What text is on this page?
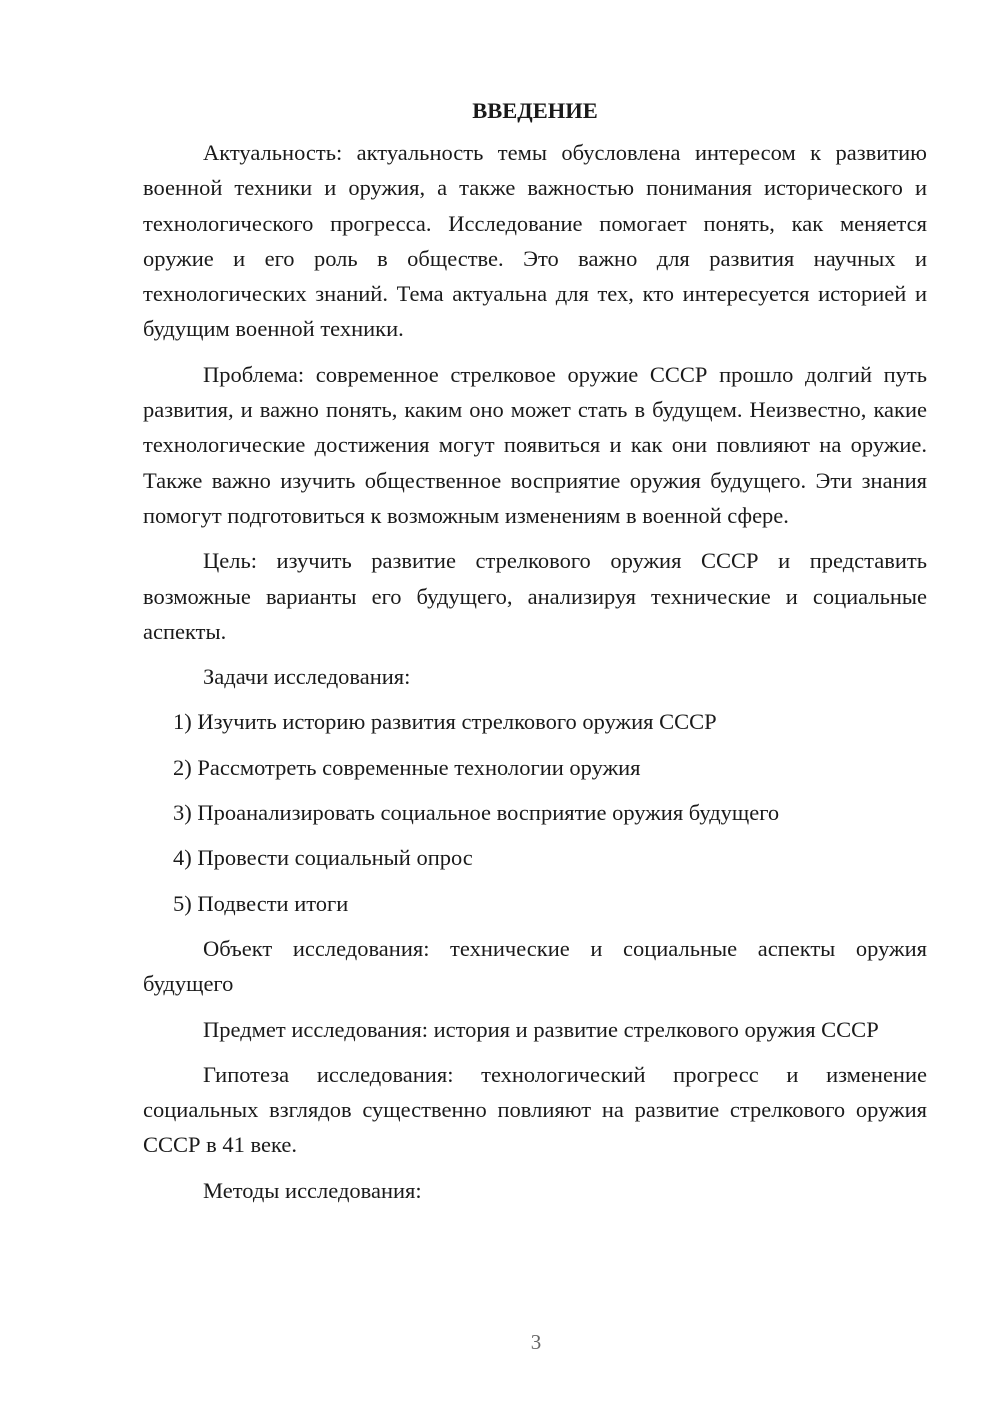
ВВЕДЕНИЕ

Актуальность: актуальность темы обусловлена интересом к развитию военной техники и оружия, а также важностью понимания исторического и технологического прогресса. Исследование помогает понять, как меняется оружие и его роль в обществе. Это важно для развития научных и технологических знаний. Тема актуальна для тех, кто интересуется историей и будущим военной техники.

Проблема: современное стрелковое оружие СССР прошло долгий путь развития, и важно понять, каким оно может стать в будущем. Неизвестно, какие технологические достижения могут появиться и как они повлияют на оружие. Также важно изучить общественное восприятие оружия будущего. Эти знания помогут подготовиться к возможным изменениям в военной сфере.

Цель: изучить развитие стрелкового оружия СССР и представить возможные варианты его будущего, анализируя технические и социальные аспекты.

Задачи исследования:

1) Изучить историю развития стрелкового оружия СССР

2) Рассмотреть современные технологии оружия

3) Проанализировать социальное восприятие оружия будущего

4) Провести социальный опрос

5) Подвести итоги

Объект исследования: технические и социальные аспекты оружия будущего

Предмет исследования: история и развитие стрелкового оружия СССР

Гипотеза исследования: технологический прогресс и изменение социальных взглядов существенно повлияют на развитие стрелкового оружия СССР в 41 веке.

Методы исследования:

3
